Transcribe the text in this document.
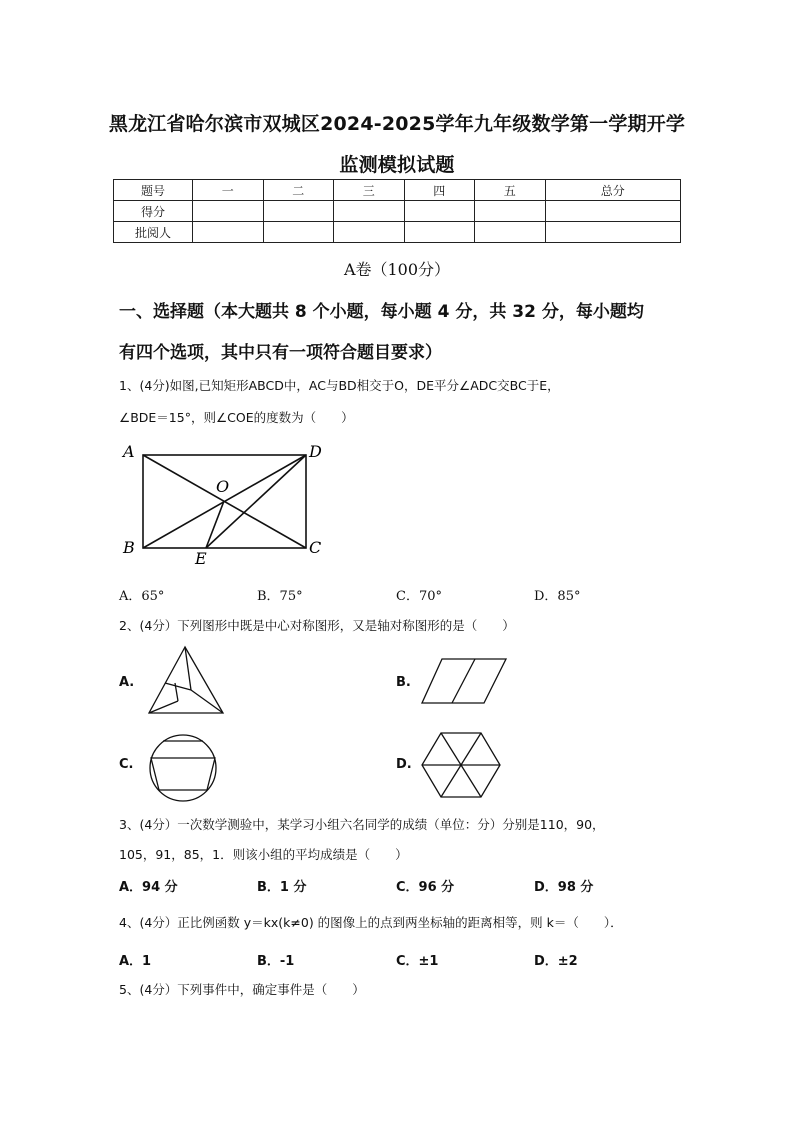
黑龙江省哈尔滨市双城区2024-2025学年九年级数学第一学期开学
监测模拟试题
题号	一	二	三	四	五	总分
得分						
批阅人						
A卷（100分）
一、选择题（本大题共 8 个小题，每小题 4 分，共 32 分，每小题均
有四个选项，其中只有一项符合题目要求）
1、(4分)如图,已知矩形ABCD中，AC与BD相交于O，DE平分∠ADC交BC于E，
∠BDE＝15°，则∠COE的度数为（　　）
A	D
O
B
E
C
A．65°	B．75°	C．70°	D．85°
2、(4分）下列图形中既是中心对称图形，又是轴对称图形的是（　　）
A.	B.
C.	D.
3、(4分）一次数学测验中，某学习小组六名同学的成绩（单位：分）分别是110，90，
105，91，85，1．则该小组的平均成绩是（　　）
A．94 分	B．1 分	C．96 分	D．98 分
4、(4分）正比例函数 y＝kx(k≠0) 的图像上的点到两坐标轴的距离相等，则 k＝（　　）．
A．1	B．-1	C．±1	D．±2
5、(4分）下列事件中，确定事件是（　　）
